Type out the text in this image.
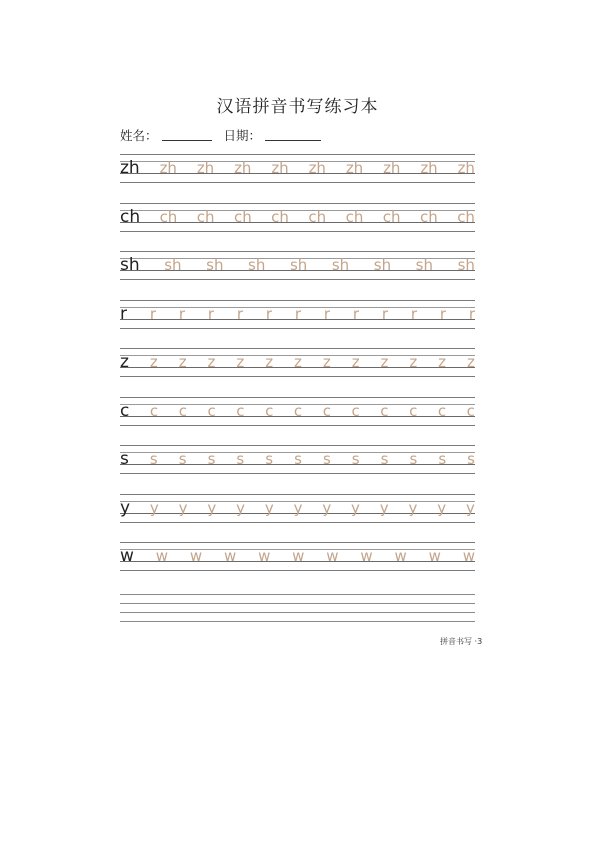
汉语拼音书写练习本
姓名：	日期：
zh zh zh zh zh zh zh zh zh zh
ch ch ch ch ch ch ch ch ch ch
sh sh sh sh sh sh sh sh sh
r r r r r r r r r r r r r
z z z z z z z z z z z z z
c c c c c c c c c c c c c
s s s s s s s s s s s s s
y y y y y y y y y y y y y
w w w w w w w w w w w
拼音书写 ·3
